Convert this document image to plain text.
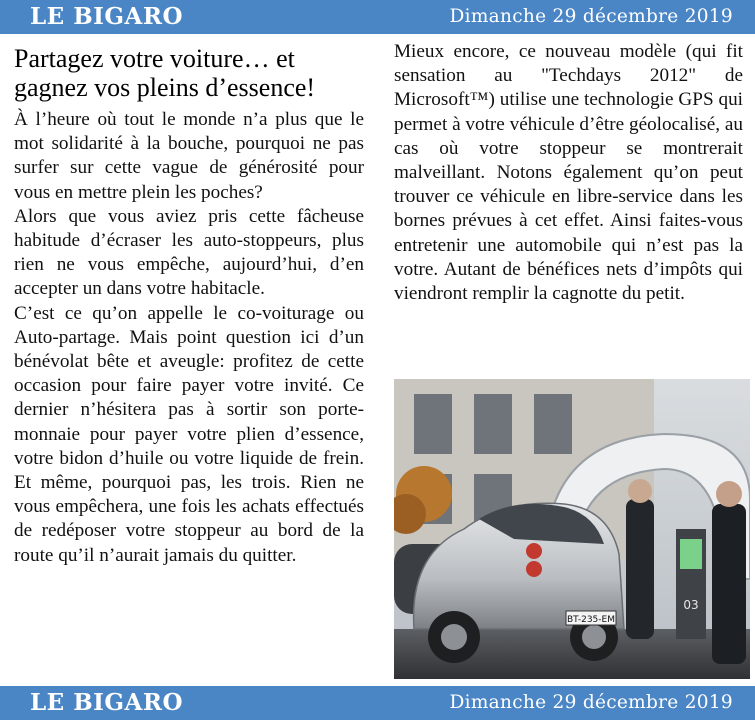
LE BIGARO	Dimanche 29 décembre 2019
Partagez votre voiture… et gagnez vos pleins d’essence!

À l’heure où tout le monde n’a plus que le mot solidarité à la bouche, pourquoi ne pas surfer sur cette vague de générosité pour vous en mettre plein les poches?

Alors que vous aviez pris cette fâcheuse habitude d’écraser les auto-stoppeurs, plus rien ne vous empêche, aujourd’hui, d’en accepter un dans votre habitacle.

C’est ce qu’on appelle le co-voiturage ou Auto-partage. Mais point question ici d’un bénévolat bête et aveugle: profitez de cette occasion pour faire payer votre invité. Ce dernier n’hésitera pas à sortir son porte-monnaie pour payer votre plien d’essence, votre bidon d’huile ou votre liquide de frein. Et même, pourquoi pas, les trois. Rien ne vous empêchera, une fois les achats effectués de redéposer votre stoppeur au bord de la route qu’il n’aurait jamais du quitter.

Mieux encore, ce nouveau modèle (qui fit sensation au "Techdays 2012" de Microsoft™) utilise une technologie GPS qui permet à votre véhicule d’être géolocalisé, au cas où votre stoppeur se montrerait malveillant. Notons également qu’on peut trouver ce véhicule en libre-service dans les bornes prévues à cet effet. Ainsi faites-vous entretenir une automobile qui n’est pas la votre. Autant de bénéfices nets d’impôts qui viendront remplir la cagnotte du petit.

BT-235-EM
03
LE BIGARO	Dimanche 29 décembre 2019
